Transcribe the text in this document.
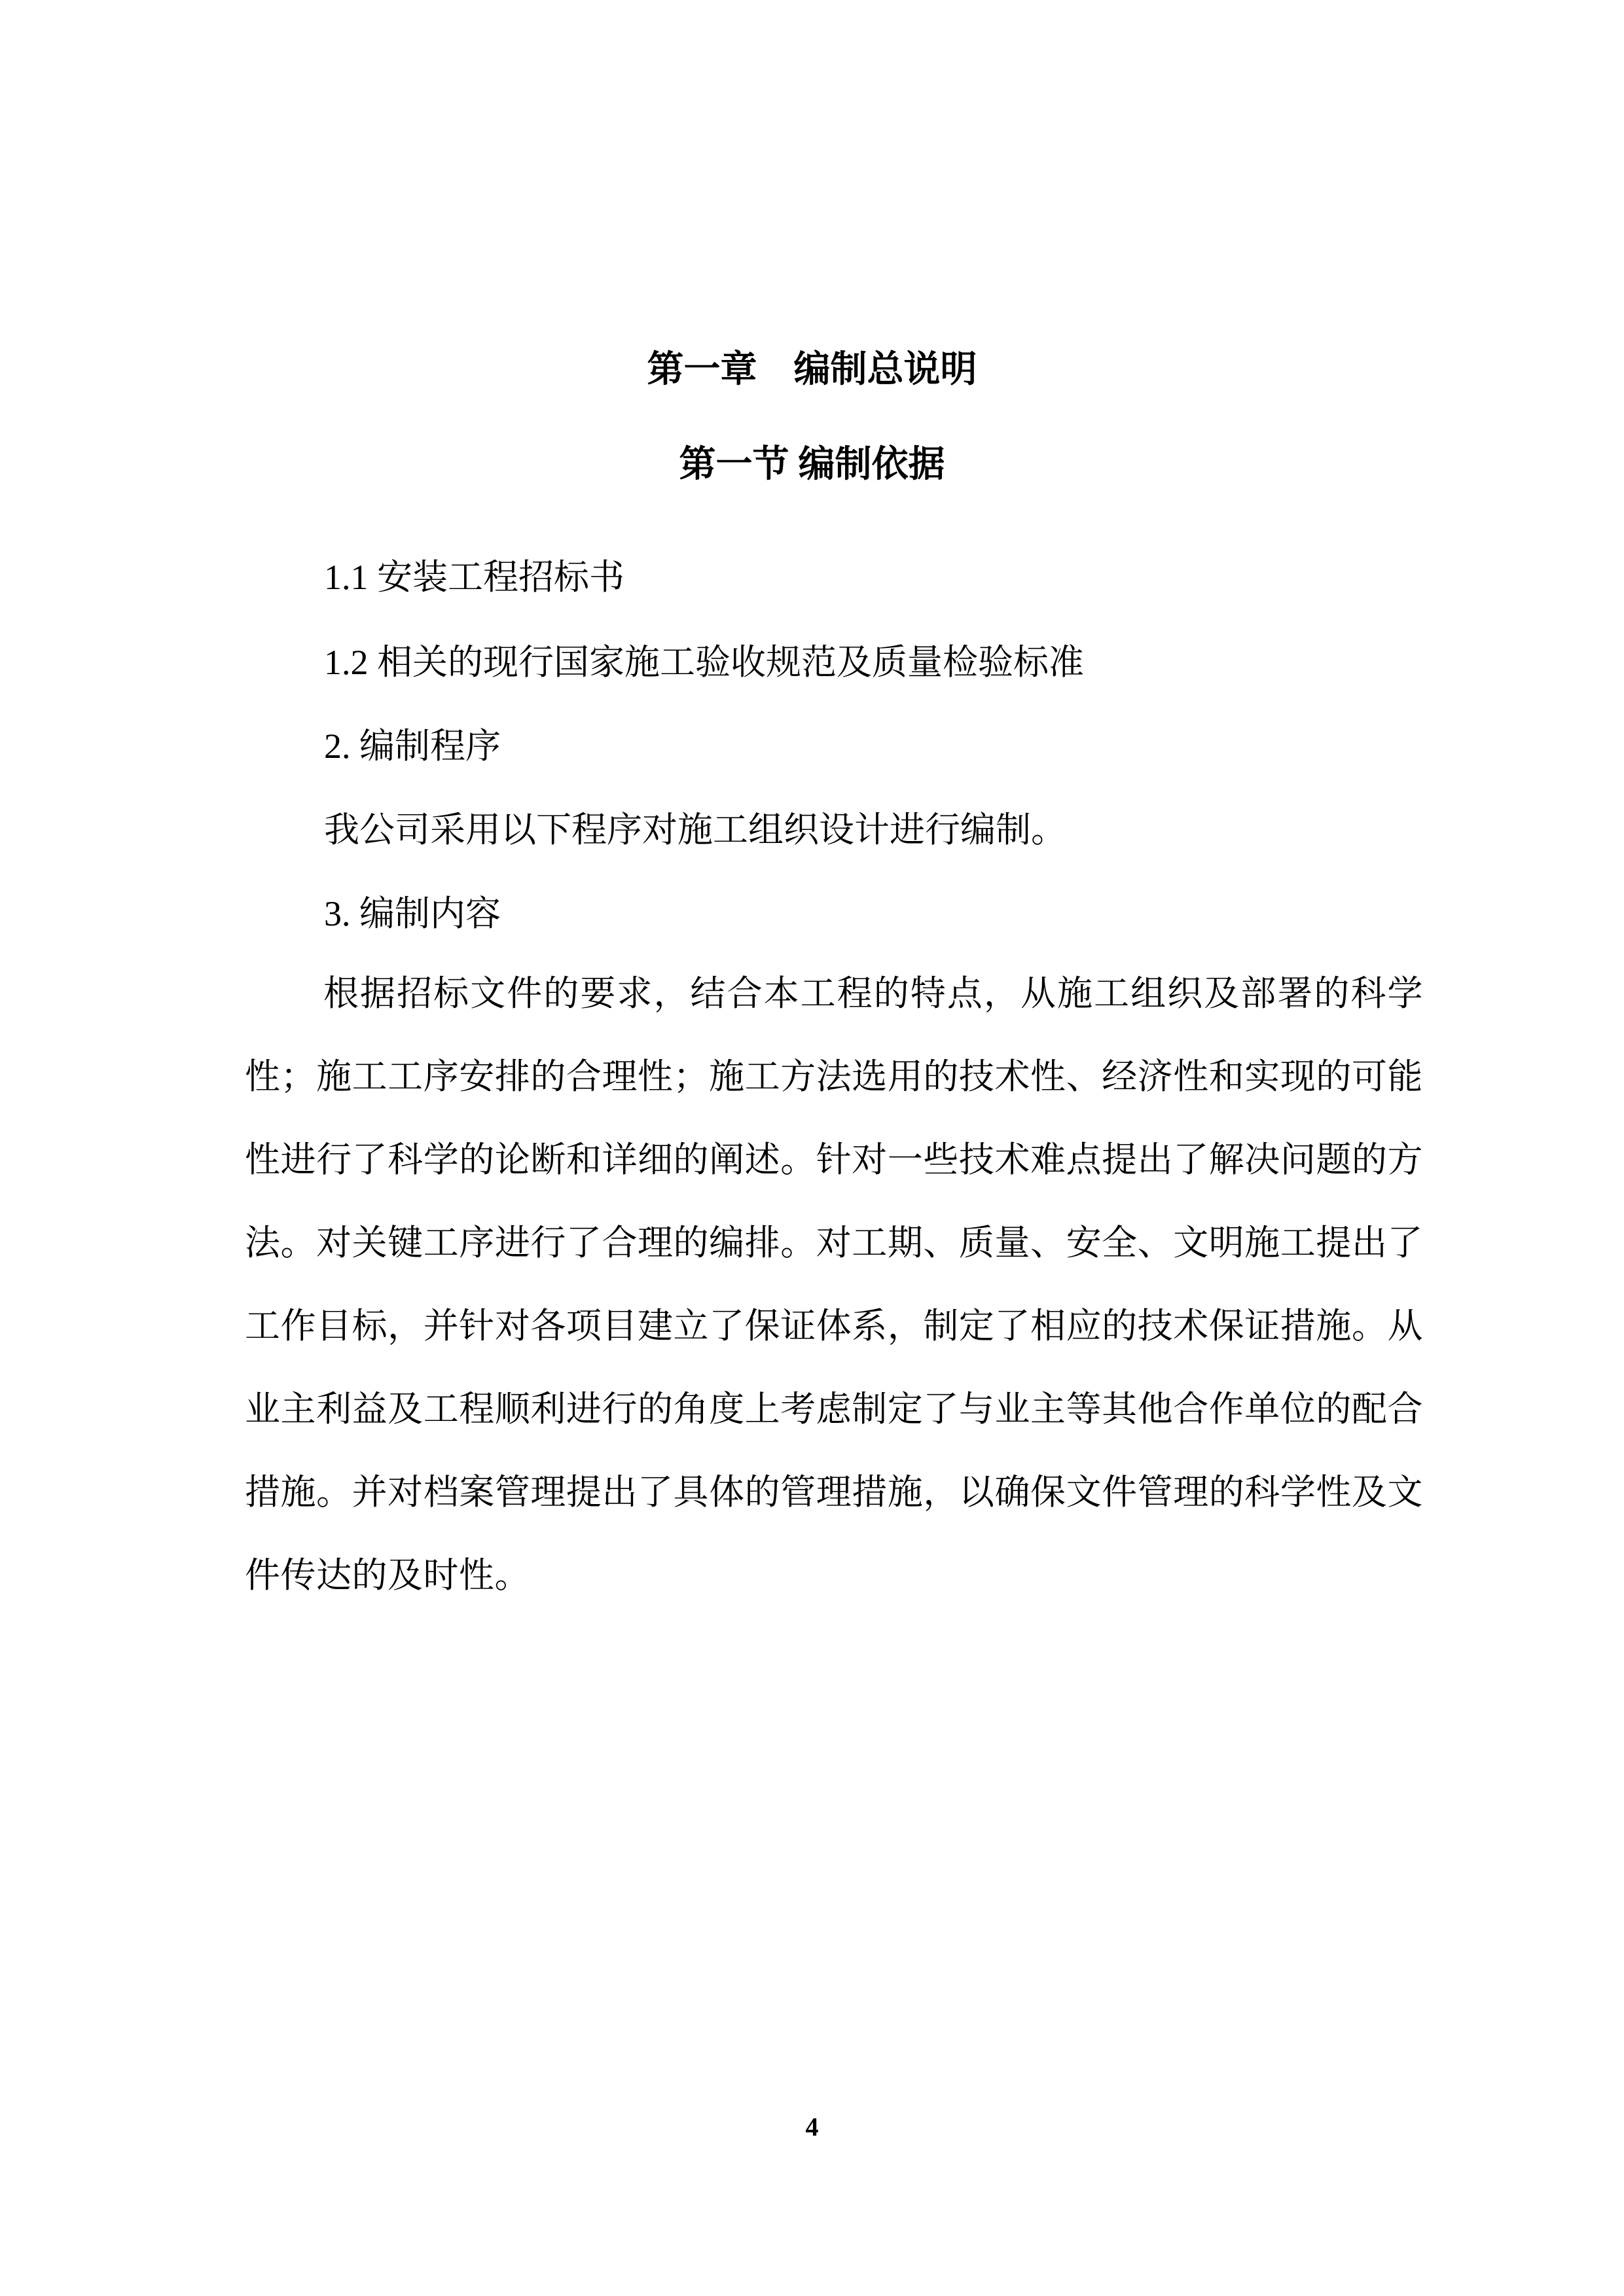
第一章 编制总说明
第一节 编制依据

1.1 安装工程招标书

1.2 相关的现行国家施工验收规范及质量检验标准

2. 编制程序

我公司采用以下程序对施工组织设计进行编制。

3. 编制内容

根据招标文件的要求，结合本工程的特点，从施工组织及部署的科学性；施工工序安排的合理性；施工方法选用的技术性、经济性和实现的可能性进行了科学的论断和详细的阐述。针对一些技术难点提出了解决问题的方法。对关键工序进行了合理的编排。对工期、质量、安全、文明施工提出了工作目标，并针对各项目建立了保证体系，制定了相应的技术保证措施。从业主利益及工程顺利进行的角度上考虑制定了与业主等其他合作单位的配合措施。并对档案管理提出了具体的管理措施，以确保文件管理的科学性及文件传达的及时性。

4
